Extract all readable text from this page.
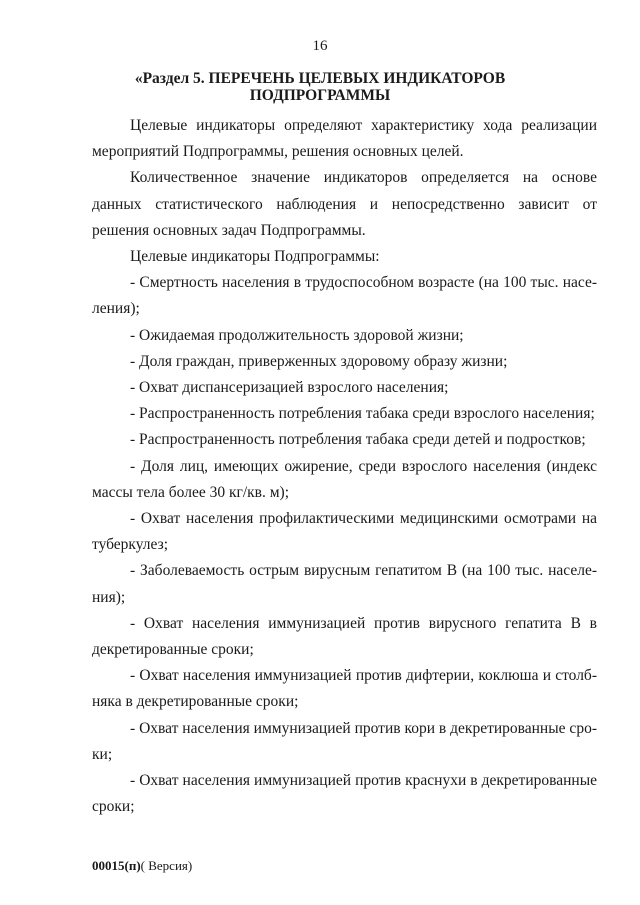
16
«Раздел 5. ПЕРЕЧЕНЬ ЦЕЛЕВЫХ ИНДИКАТОРОВ
ПОДПРОГРАММЫ

Целевые индикаторы определяют характеристику хода реализации мероприятий Подпрограммы, решения основных целей.

Количественное значение индикаторов определяется на основе данных статистического наблюдения и непосредственно зависит от решения основных задач Подпрограммы.

Целевые индикаторы Подпрограммы:

- Смертность населения в трудоспособном возрасте (на 100 тыс. населения);

- Ожидаемая продолжительность здоровой жизни;

- Доля граждан, приверженных здоровому образу жизни;

- Охват диспансеризацией взрослого населения;

- Распространенность потребления табака среди взрослого населения;

- Распространенность потребления табака среди детей и подростков;

- Доля лиц, имеющих ожирение, среди взрослого населения (индекс массы тела более 30 кг/кв. м);

- Охват населения профилактическими медицинскими осмотрами на туберкулез;

- Заболеваемость острым вирусным гепатитом В (на 100 тыс. населения);

- Охват населения иммунизацией против вирусного гепатита В в декретированные сроки;

- Охват населения иммунизацией против дифтерии, коклюша и столбняка в декретированные сроки;

- Охват населения иммунизацией против кори в декретированные сроки;

- Охват населения иммунизацией против краснухи в декретированные сроки;

00015(п)( Версия)
